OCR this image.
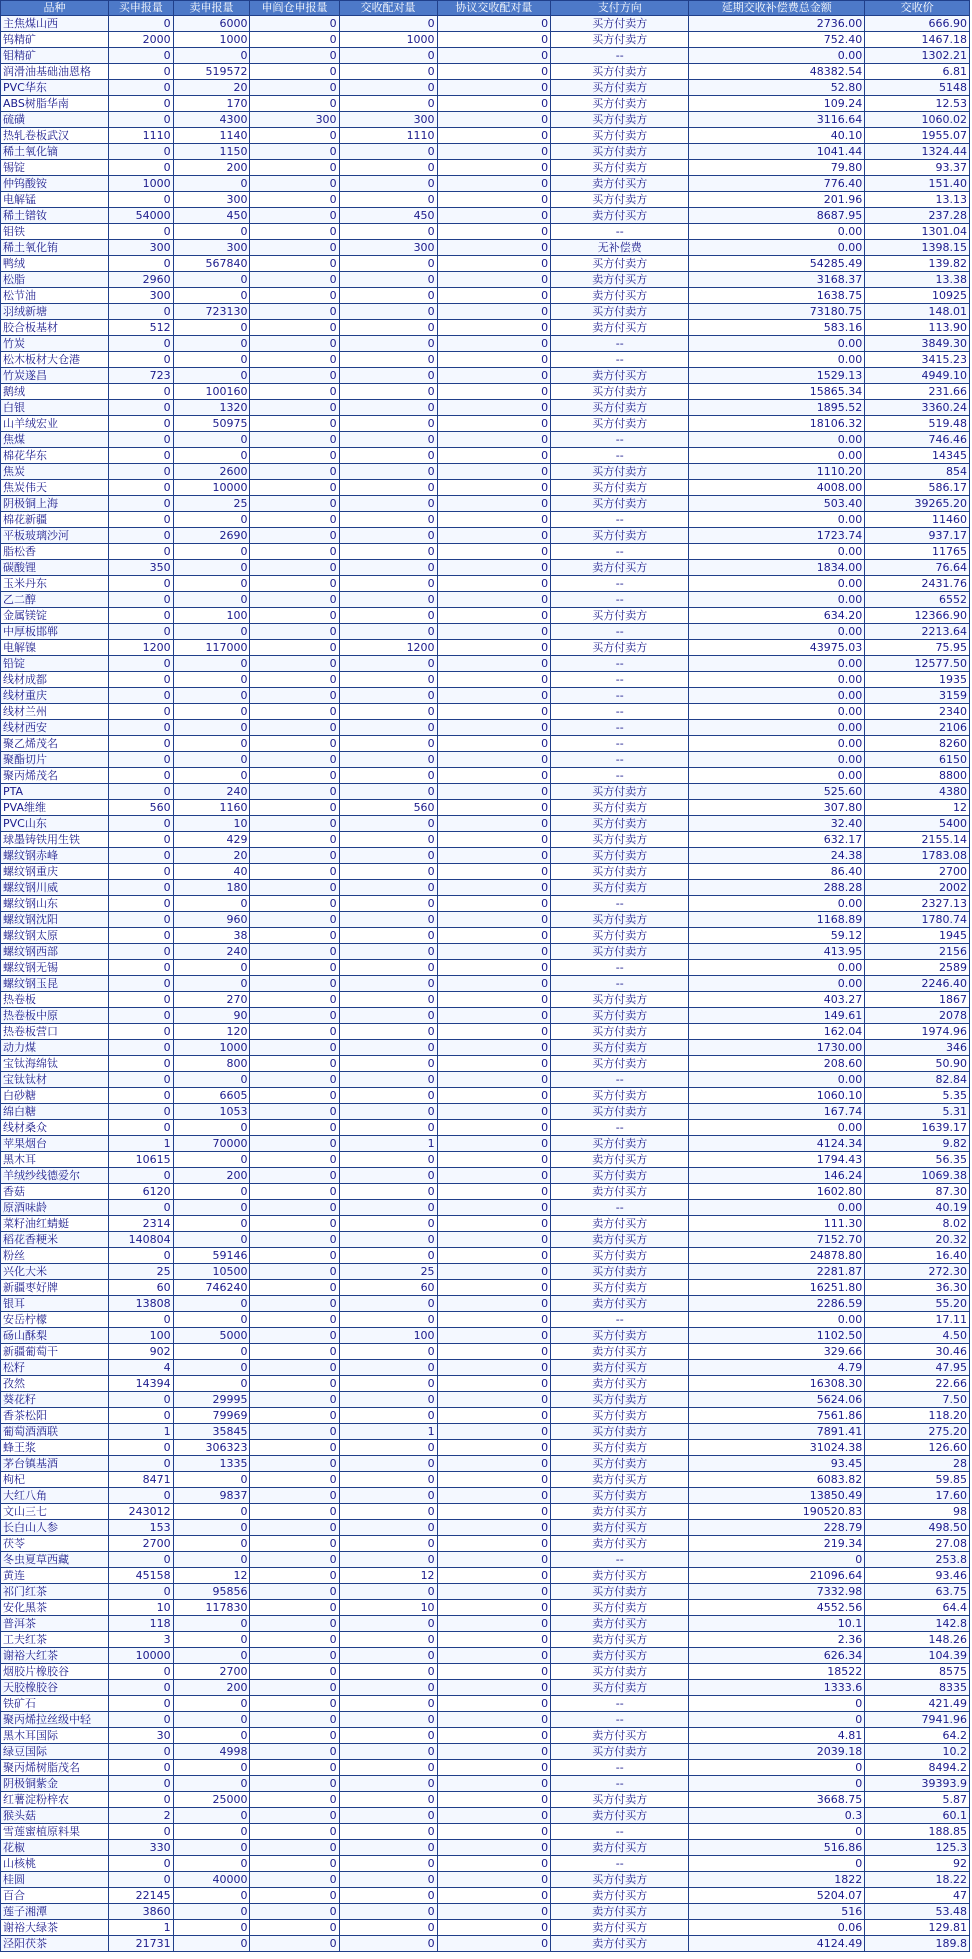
品种	买申报量	卖申报量	申阎仓申报量	交收配对量	协议交收配对量	支付方向	延期交收补偿费总金额	交收价
主焦煤山西	0	6000	0	0	0	买方付卖方	2736.00	666.90
钨精矿	2000	1000	0	1000	0	买方付卖方	752.40	1467.18
钼精矿	0	0	0	0	0	--	0.00	1302.21
润滑油基础油恩格	0	519572	0	0	0	买方付卖方	48382.54	6.81
PVC华东	0	20	0	0	0	买方付卖方	52.80	5148
ABS树脂华南	0	170	0	0	0	买方付卖方	109.24	12.53
硫磺	0	4300	300	300	0	买方付卖方	3116.64	1060.02
热轧卷板武汉	1110	1140	0	1110	0	买方付卖方	40.10	1955.07
稀土氧化镝	0	1150	0	0	0	买方付卖方	1041.44	1324.44
锡锭	0	200	0	0	0	买方付卖方	79.80	93.37
仲钨酸铵	1000	0	0	0	0	卖方付买方	776.40	151.40
电解锰	0	300	0	0	0	买方付卖方	201.96	13.13
稀土镨钕	54000	450	0	450	0	卖方付买方	8687.95	237.28
钼铁	0	0	0	0	0	--	0.00	1301.04
稀土氧化铕	300	300	0	300	0	无补偿费	0.00	1398.15
鸭绒	0	567840	0	0	0	买方付卖方	54285.49	139.82
松脂	2960	0	0	0	0	卖方付买方	3168.37	13.38
松节油	300	0	0	0	0	卖方付买方	1638.75	10925
羽绒新塘	0	723130	0	0	0	买方付卖方	73180.75	148.01
胶合板基材	512	0	0	0	0	卖方付买方	583.16	113.90
竹炭	0	0	0	0	0	--	0.00	3849.30
松木板材大仓港	0	0	0	0	0	--	0.00	3415.23
竹炭遂昌	723	0	0	0	0	卖方付买方	1529.13	4949.10
鹅绒	0	100160	0	0	0	买方付卖方	15865.34	231.66
白银	0	1320	0	0	0	买方付卖方	1895.52	3360.24
山羊绒宏业	0	50975	0	0	0	买方付卖方	18106.32	519.48
焦煤	0	0	0	0	0	--	0.00	746.46
棉花华东	0	0	0	0	0	--	0.00	14345
焦炭	0	2600	0	0	0	买方付卖方	1110.20	854
焦炭伟天	0	10000	0	0	0	买方付卖方	4008.00	586.17
阴极铜上海	0	25	0	0	0	买方付卖方	503.40	39265.20
棉花新疆	0	0	0	0	0	--	0.00	11460
平板玻璃沙河	0	2690	0	0	0	买方付卖方	1723.74	937.17
脂松香	0	0	0	0	0	--	0.00	11765
碳酸锂	350	0	0	0	0	卖方付买方	1834.00	76.64
玉米丹东	0	0	0	0	0	--	0.00	2431.76
乙二醇	0	0	0	0	0	--	0.00	6552
金属镁锭	0	100	0	0	0	买方付卖方	634.20	12366.90
中厚板邯郸	0	0	0	0	0	--	0.00	2213.64
电解镍	1200	117000	0	1200	0	买方付卖方	43975.03	75.95
铅锭	0	0	0	0	0	--	0.00	12577.50
线材成都	0	0	0	0	0	--	0.00	1935
线材重庆	0	0	0	0	0	--	0.00	3159
线材兰州	0	0	0	0	0	--	0.00	2340
线材西安	0	0	0	0	0	--	0.00	2106
聚乙烯茂名	0	0	0	0	0	--	0.00	8260
聚酯切片	0	0	0	0	0	--	0.00	6150
聚丙烯茂名	0	0	0	0	0	--	0.00	8800
PTA	0	240	0	0	0	买方付卖方	525.60	4380
PVA维维	560	1160	0	560	0	买方付卖方	307.80	12
PVC山东	0	10	0	0	0	买方付卖方	32.40	5400
球墨铸铁用生铁	0	429	0	0	0	买方付卖方	632.17	2155.14
螺纹钢赤峰	0	20	0	0	0	买方付卖方	24.38	1783.08
螺纹钢重庆	0	40	0	0	0	买方付卖方	86.40	2700
螺纹钢川威	0	180	0	0	0	买方付卖方	288.28	2002
螺纹钢山东	0	0	0	0	0	--	0.00	2327.13
螺纹钢沈阳	0	960	0	0	0	买方付卖方	1168.89	1780.74
螺纹钢太原	0	38	0	0	0	买方付卖方	59.12	1945
螺纹钢西部	0	240	0	0	0	买方付卖方	413.95	2156
螺纹钢无锡	0	0	0	0	0	--	0.00	2589
螺纹钢玉昆	0	0	0	0	0	--	0.00	2246.40
热卷板	0	270	0	0	0	买方付卖方	403.27	1867
热卷板中原	0	90	0	0	0	买方付卖方	149.61	2078
热卷板营口	0	120	0	0	0	买方付卖方	162.04	1974.96
动力煤	0	1000	0	0	0	买方付卖方	1730.00	346
宝钛海绵钛	0	800	0	0	0	买方付卖方	208.60	50.90
宝钛钛材	0	0	0	0	0	--	0.00	82.84
白砂糖	0	6605	0	0	0	买方付卖方	1060.10	5.35
绵白糖	0	1053	0	0	0	买方付卖方	167.74	5.31
线材桑众	0	0	0	0	0	--	0.00	1639.17
苹果烟台	1	70000	0	1	0	买方付卖方	4124.34	9.82
黑木耳	10615	0	0	0	0	卖方付买方	1794.43	56.35
羊绒纱线德爱尔	0	200	0	0	0	买方付卖方	146.24	1069.38
香菇	6120	0	0	0	0	卖方付买方	1602.80	87.30
原酒味龄	0	0	0	0	0	--	0.00	40.19
菜籽油红蜻蜓	2314	0	0	0	0	卖方付买方	111.30	8.02
稻花香粳米	140804	0	0	0	0	卖方付买方	7152.70	20.32
粉丝	0	59146	0	0	0	买方付卖方	24878.80	16.40
兴化大米	25	10500	0	25	0	买方付卖方	2281.87	272.30
新疆枣好牌	60	746240	0	60	0	买方付卖方	16251.80	36.30
银耳	13808	0	0	0	0	卖方付买方	2286.59	55.20
安岳柠檬	0	0	0	0	0	--	0.00	17.11
砀山酥梨	100	5000	0	100	0	买方付卖方	1102.50	4.50
新疆葡萄干	902	0	0	0	0	卖方付买方	329.66	30.46
松籽	4	0	0	0	0	卖方付买方	4.79	47.95
孜然	14394	0	0	0	0	卖方付买方	16308.30	22.66
葵花籽	0	29995	0	0	0	买方付卖方	5624.06	7.50
香茶松阳	0	79969	0	0	0	买方付卖方	7561.86	118.20
葡萄酒酒联	1	35845	0	1	0	买方付卖方	7891.41	275.20
蜂王浆	0	306323	0	0	0	买方付卖方	31024.38	126.60
茅台镇基酒	0	1335	0	0	0	买方付卖方	93.45	28
枸杞	8471	0	0	0	0	卖方付买方	6083.82	59.85
大红八角	0	9837	0	0	0	买方付卖方	13850.49	17.60
文山三七	243012	0	0	0	0	卖方付买方	190520.83	98
长白山人参	153	0	0	0	0	卖方付买方	228.79	498.50
茯苓	2700	0	0	0	0	卖方付买方	219.34	27.08
冬虫夏草西藏	0	0	0	0	0	--	0	253.8
黄连	45158	12	0	12	0	卖方付买方	21096.64	93.46
祁门红茶	0	95856	0	0	0	买方付卖方	7332.98	63.75
安化黑茶	10	117830	0	10	0	买方付卖方	4552.56	64.4
普洱茶	118	0	0	0	0	卖方付买方	10.1	142.8
工夫红茶	3	0	0	0	0	卖方付买方	2.36	148.26
谢裕大红茶	10000	0	0	0	0	卖方付买方	626.34	104.39
烟胶片橡胶谷	0	2700	0	0	0	买方付卖方	18522	8575
天胶橡胶谷	0	200	0	0	0	买方付卖方	1333.6	8335
铁矿石	0	0	0	0	0	--	0	421.49
聚丙烯拉丝级中轻	0	0	0	0	0	--	0	7941.96
黑木耳国际	30	0	0	0	0	卖方付买方	4.81	64.2
绿豆国际	0	4998	0	0	0	买方付卖方	2039.18	10.2
聚丙烯树脂茂名	0	0	0	0	0	--	0	8494.2
阴极铜紫金	0	0	0	0	0	--	0	39393.9
红薯淀粉梓农	0	25000	0	0	0	买方付卖方	3668.75	5.87
猴头菇	2	0	0	0	0	卖方付买方	0.3	60.1
雪莲蜜植原料果	0	0	0	0	0	--	0	188.85
花椒	330	0	0	0	0	卖方付买方	516.86	125.3
山核桃	0	0	0	0	0	--	0	92
桂圆	0	40000	0	0	0	买方付卖方	1822	18.22
百合	22145	0	0	0	0	卖方付买方	5204.07	47
莲子湘潭	3860	0	0	0	0	卖方付买方	516	53.48
谢裕大绿茶	1	0	0	0	0	卖方付买方	0.06	129.81
泾阳茯茶	21731	0	0	0	0	卖方付买方	4124.49	189.8
